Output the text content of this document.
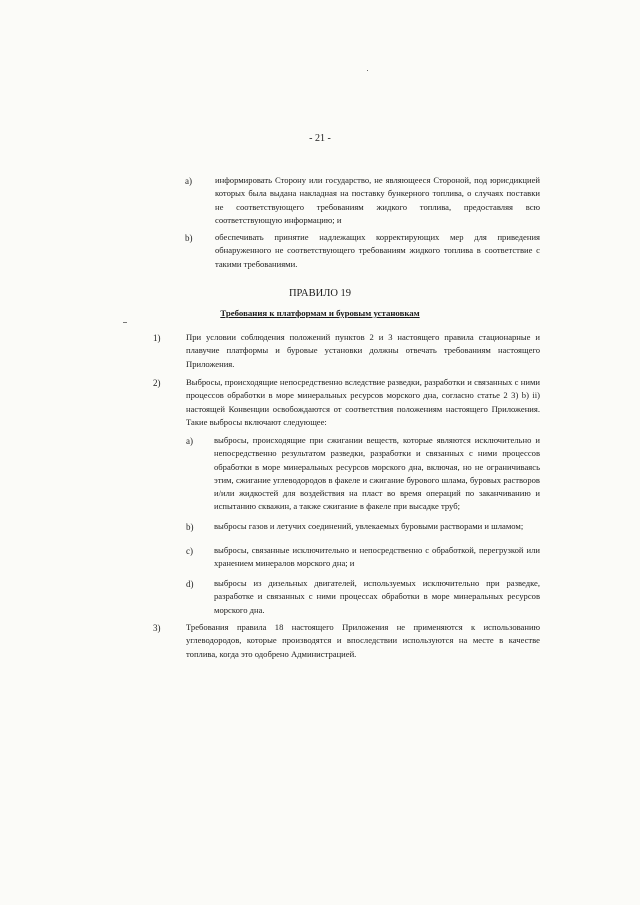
- 21 -
a)	информировать Сторону или государство, не являющееся Стороной, под юрисдикцией которых была выдана накладная на поставку бункерного топлива, о случаях поставки не соответствующего требованиям жидкого топлива, предоставляя всю соответствующую информацию; и
b)	обеспечивать принятие надлежащих корректирующих мер для приведения обнаруженного не соответствующего требованиям жидкого топлива в соответствие с такими требованиями.
ПРАВИЛО 19
Требования к платформам и буровым установкам
1)	При условии соблюдения положений пунктов 2 и 3 настоящего правила стационарные и плавучие платформы и буровые установки должны отвечать требованиям настоящего Приложения.
2)	Выбросы, происходящие непосредственно вследствие разведки, разработки и связанных с ними процессов обработки в море минеральных ресурсов морского дна, согласно статье 2 3) b) ii) настоящей Конвенции освобождаются от соответствия положениям настоящего Приложения. Такие выбросы включают следующее:
a) выбросы, происходящие при сжигании веществ, которые являются исключительно и непосредственно результатом разведки, разработки и связанных с ними процессов обработки в море минеральных ресурсов морского дна, включая, но не ограничиваясь этим, сжигание углеводородов в факеле и сжигание бурового шлама, буровых растворов и/или жидкостей для воздействия на пласт во время операций по заканчиванию и испытанию скважин, а также сжигание в факеле при высадке труб;
b) выбросы газов и летучих соединений, увлекаемых буровыми растворами и шламом;
c) выбросы, связанные исключительно и непосредственно с обработкой, перегрузкой или хранением минералов морского дна; и
d) выбросы из дизельных двигателей, используемых исключительно при разведке, разработке и связанных с ними процессах обработки в море минеральных ресурсов морского дна.
3)	Требования правила 18 настоящего Приложения не применяются к использованию углеводородов, которые производятся и впоследствии используются на месте в качестве топлива, когда это одобрено Администрацией.
